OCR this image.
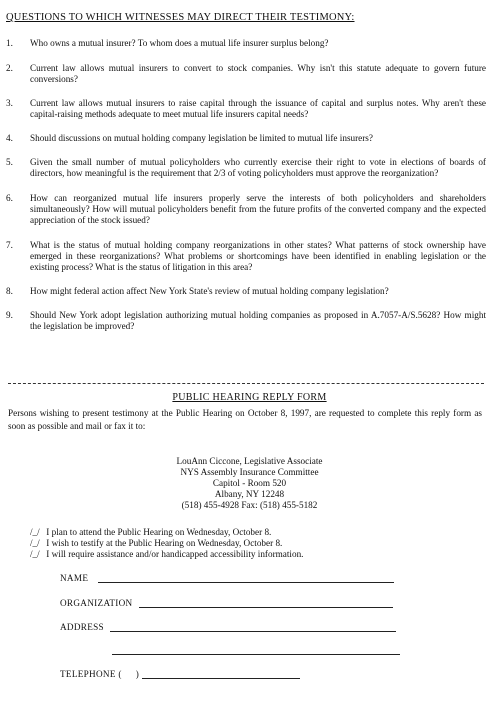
QUESTIONS TO WHICH WITNESSES MAY DIRECT THEIR TESTIMONY:
1.	Who owns a mutual insurer? To whom does a mutual life insurer surplus belong?
2.	Current law allows mutual insurers to convert to stock companies. Why isn't this statute adequate to govern future conversions?
3.	Current law allows mutual insurers to raise capital through the issuance of capital and surplus notes. Why aren't these capital-raising methods adequate to meet mutual life insurers capital needs?
4.	Should discussions on mutual holding company legislation be limited to mutual life insurers?
5.	Given the small number of mutual policyholders who currently exercise their right to vote in elections of boards of directors, how meaningful is the requirement that 2/3 of voting policyholders must approve the reorganization?
6.	How can reorganized mutual life insurers properly serve the interests of both policyholders and shareholders simultaneously? How will mutual policyholders benefit from the future profits of the converted company and the expected appreciation of the stock issued?
7.	What is the status of mutual holding company reorganizations in other states? What patterns of stock ownership have emerged in these reorganizations? What problems or shortcomings have been identified in enabling legislation or the existing process? What is the status of litigation in this area?
8.	How might federal action affect New York State's review of mutual holding company legislation?
9.	Should New York adopt legislation authorizing mutual holding companies as proposed in A.7057-A/S.5628? How might the legislation be improved?
PUBLIC HEARING REPLY FORM
Persons wishing to present testimony at the Public Hearing on October 8, 1997, are requested to complete this reply form as soon as possible and mail or fax it to:
LouAnn Ciccone, Legislative Associate
NYS Assembly Insurance Committee
Capitol - Room 520
Albany, NY 12248
(518) 455-4928 Fax: (518) 455-5182
/_/ I plan to attend the Public Hearing on Wednesday, October 8.
/_/ I wish to testify at the Public Hearing on Wednesday, October 8.
/_/ I will require assistance and/or handicapped accessibility information.
NAME
ORGANIZATION
ADDRESS
TELEPHONE ( )
